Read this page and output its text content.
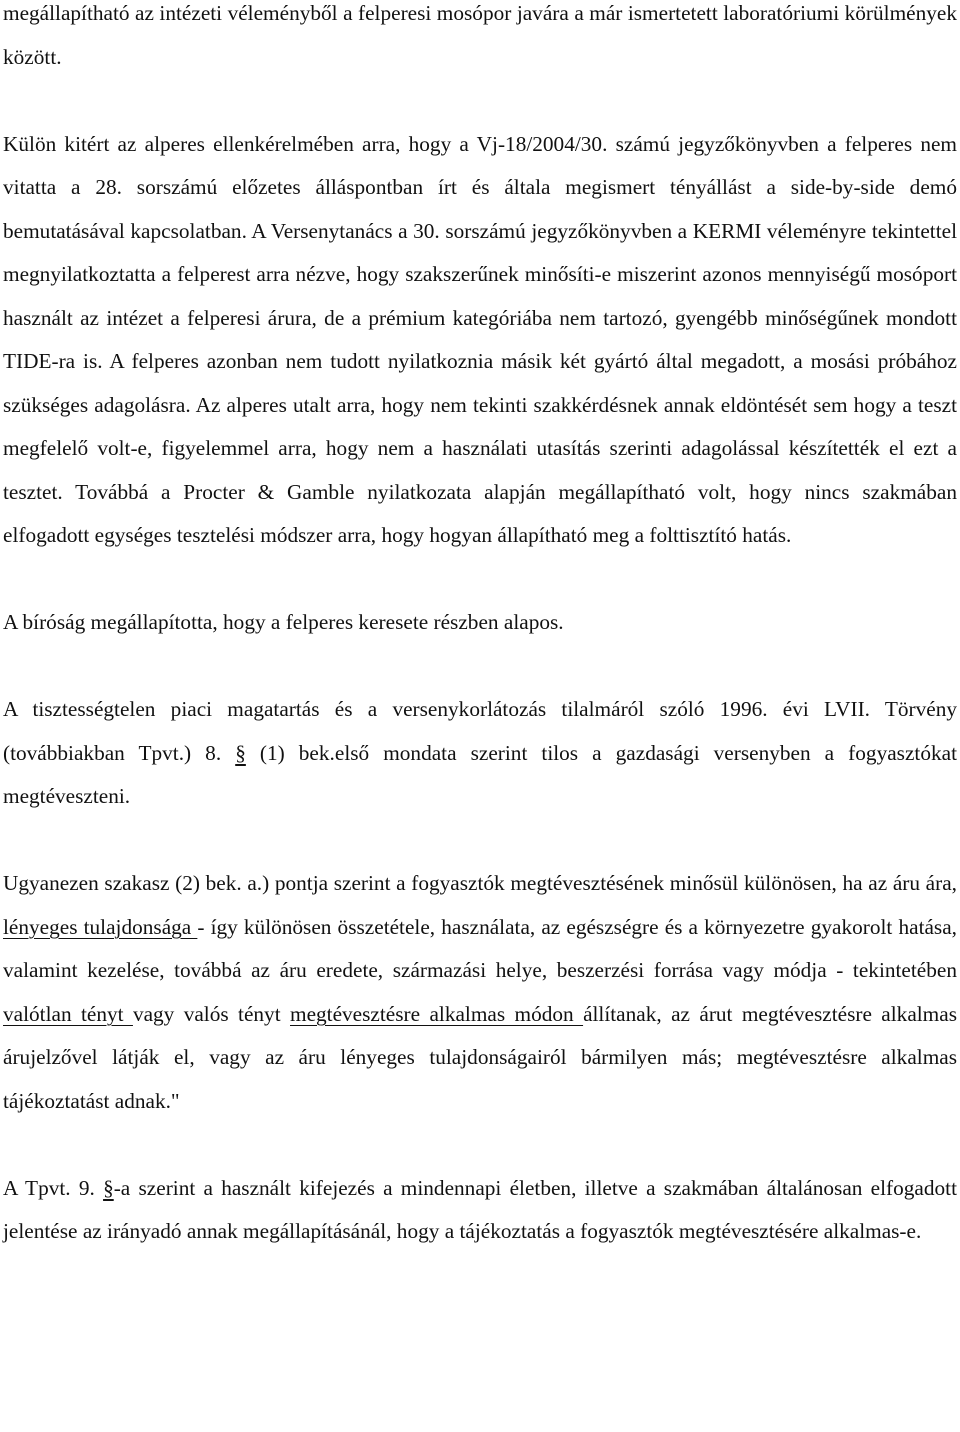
megállapítható az intézeti véleményből a felperesi mosópor javára a már ismertetett laboratóriumi körülmények között.

Külön kitért az alperes ellenkérelmében arra, hogy a Vj-18/2004/30. számú jegyzőkönyvben a felperes nem vitatta a 28. sorszámú előzetes álláspontban írt és általa megismert tényállást a side-by-side demó bemutatásával kapcsolatban. A Versenytanács a 30. sorszámú jegyzőkönyvben a KERMI véleményre tekintettel megnyilatkoztatta a felperest arra nézve, hogy szakszerűnek minősíti-e miszerint azonos mennyiségű mosóport használt az intézet a felperesi árura, de a prémium kategóriába nem tartozó, gyengébb minőségűnek mondott TIDE-ra is. A felperes azonban nem tudott nyilatkoznia másik két gyártó által megadott, a mosási próbához szükséges adagolásra. Az alperes utalt arra, hogy nem tekinti szakkérdésnek annak eldöntését sem hogy a teszt megfelelő volt-e, figyelemmel arra, hogy nem a használati utasítás szerinti adagolással készítették el ezt a tesztet. Továbbá a Procter & Gamble nyilatkozata alapján megállapítható volt, hogy nincs szakmában elfogadott egységes tesztelési módszer arra, hogy hogyan állapítható meg a folttisztító hatás.

A bíróság megállapította, hogy a felperes keresete részben alapos.

A tisztességtelen piaci magatartás és a versenykorlátozás tilalmáról szóló 1996. évi LVII. Törvény (továbbiakban Tpvt.) 8. § (1) bek.első mondata szerint tilos a gazdasági versenyben a fogyasztókat megtéveszteni.

Ugyanezen szakasz (2) bek. a.) pontja szerint a fogyasztók megtévesztésének minősül különösen, ha az áru ára, lényeges tulajdonsága - így különösen összetétele, használata, az egészségre és a környezetre gyakorolt hatása, valamint kezelése, továbbá az áru eredete, származási helye, beszerzési forrása vagy módja - tekintetében valótlan tényt vagy valós tényt megtévesztésre alkalmas módon állítanak, az árut megtévesztésre alkalmas árujelzővel látják el, vagy az áru lényeges tulajdonságairól bármilyen más; megtévesztésre alkalmas tájékoztatást adnak."

A Tpvt. 9. §-a szerint a használt kifejezés a mindennapi életben, illetve a szakmában általánosan elfogadott jelentése az irányadó annak megállapításánál, hogy a tájékoztatás a fogyasztók megtévesztésére alkalmas-e.
